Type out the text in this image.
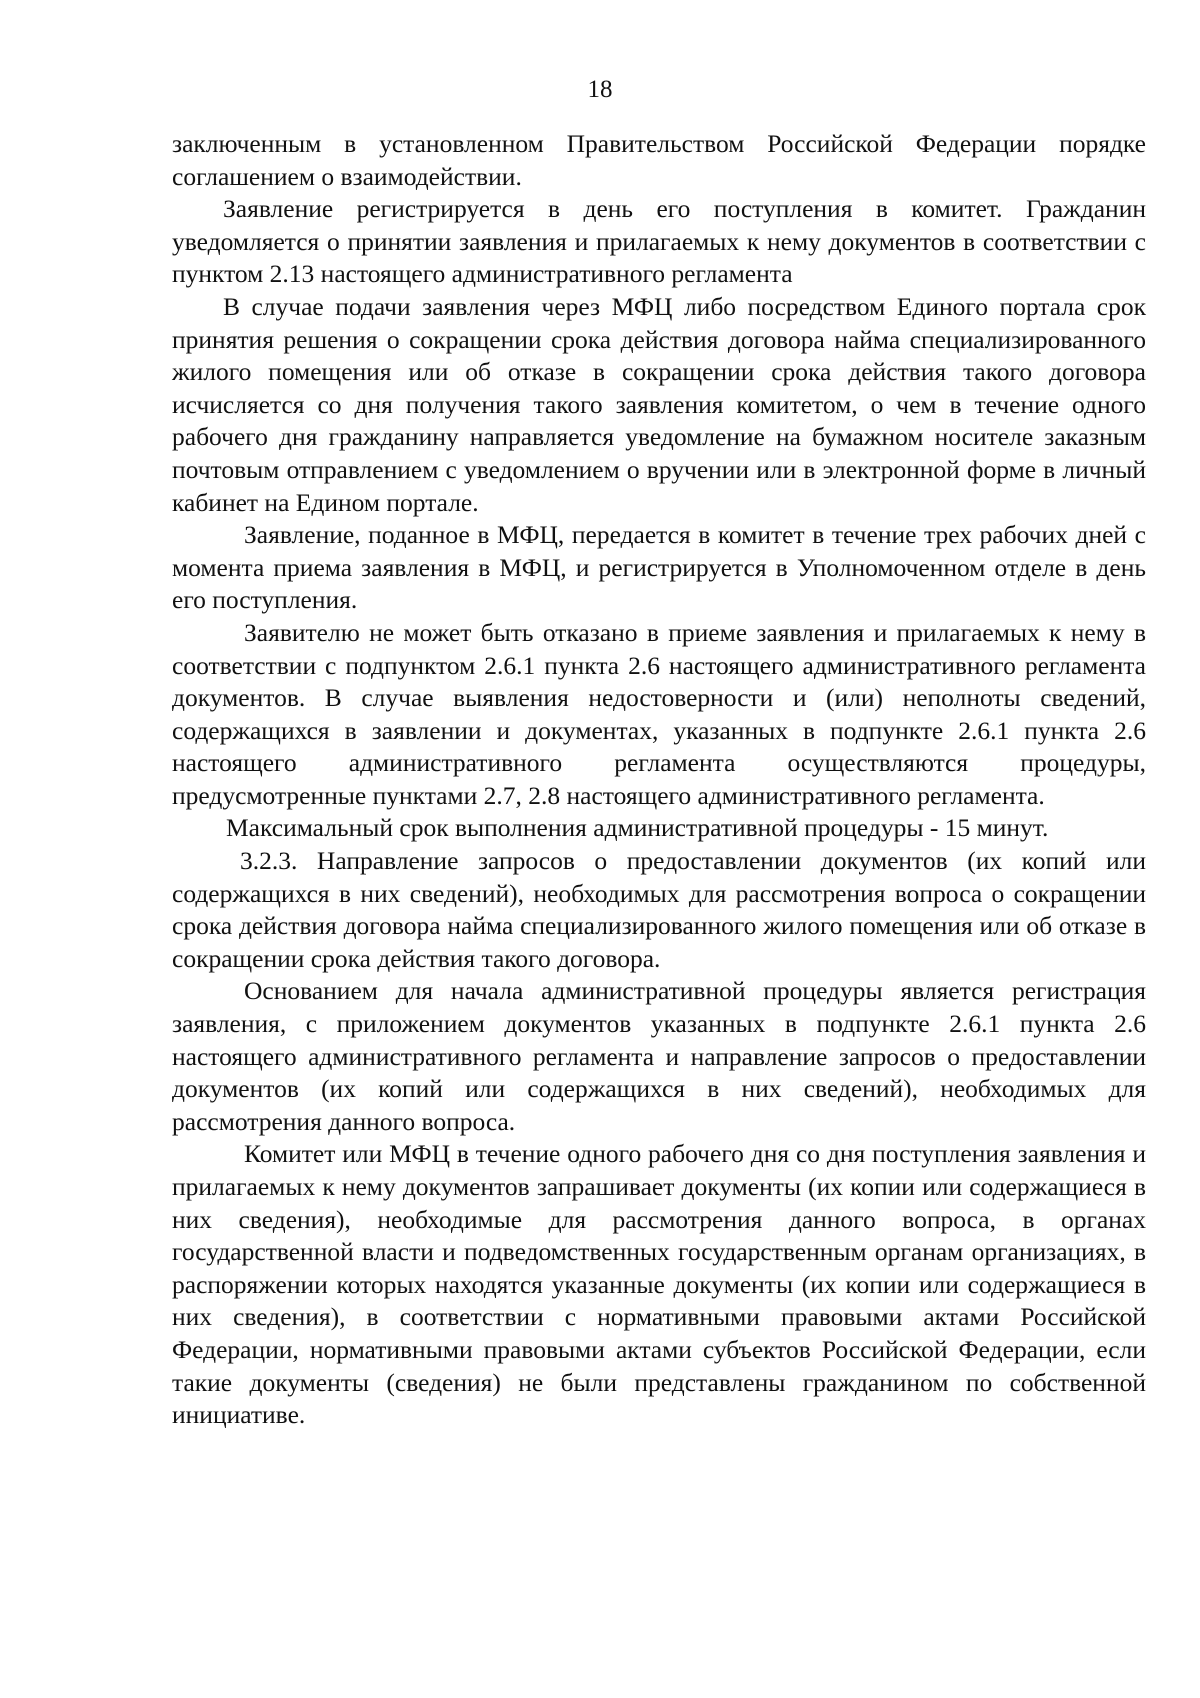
18

заключенным в установленном Правительством Российской Федерации порядке соглашением о взаимодействии.

Заявление регистрируется в день его поступления в комитет. Гражданин уведомляется о принятии заявления и прилагаемых к нему документов в соответствии с пунктом 2.13 настоящего административного регламента

В случае подачи заявления через МФЦ либо посредством Единого портала срок принятия решения о сокращении срока действия договора найма специализированного жилого помещения или об отказе в сокращении срока действия такого договора исчисляется со дня получения такого заявления комитетом, о чем в течение одного рабочего дня гражданину направляется уведомление на бумажном носителе заказным почтовым отправлением с уведомлением о вручении или в электронной форме в личный кабинет на Едином портале.

Заявление, поданное в МФЦ, передается в комитет в течение трех рабочих дней с момента приема заявления в МФЦ, и регистрируется в Уполномоченном отделе в день его поступления.

Заявителю не может быть отказано в приеме заявления и прилагаемых к нему в соответствии с подпунктом 2.6.1 пункта 2.6 настоящего административного регламента документов. В случае выявления недостоверности и (или) неполноты сведений, содержащихся в заявлении и документах, указанных в подпункте 2.6.1 пункта 2.6 настоящего административного регламента осуществляются процедуры, предусмотренные пунктами 2.7, 2.8 настоящего административного регламента.

Максимальный срок выполнения административной процедуры - 15 минут.

3.2.3. Направление запросов о предоставлении документов (их копий или содержащихся в них сведений), необходимых для рассмотрения вопроса о сокращении срока действия договора найма специализированного жилого помещения или об отказе в сокращении срока действия такого договора.

Основанием для начала административной процедуры является регистрация заявления, с приложением документов указанных в подпункте 2.6.1 пункта 2.6 настоящего административного регламента и направление запросов о предоставлении документов (их копий или содержащихся в них сведений), необходимых для рассмотрения данного вопроса.

Комитет или МФЦ в течение одного рабочего дня со дня поступления заявления и прилагаемых к нему документов запрашивает документы (их копии или содержащиеся в них сведения), необходимые для рассмотрения данного вопроса, в органах государственной власти и подведомственных государственным органам организациях, в распоряжении которых находятся указанные документы (их копии или содержащиеся в них сведения), в соответствии с нормативными правовыми актами Российской Федерации, нормативными правовыми актами субъектов Российской Федерации, если такие документы (сведения) не были представлены гражданином по собственной инициативе.
